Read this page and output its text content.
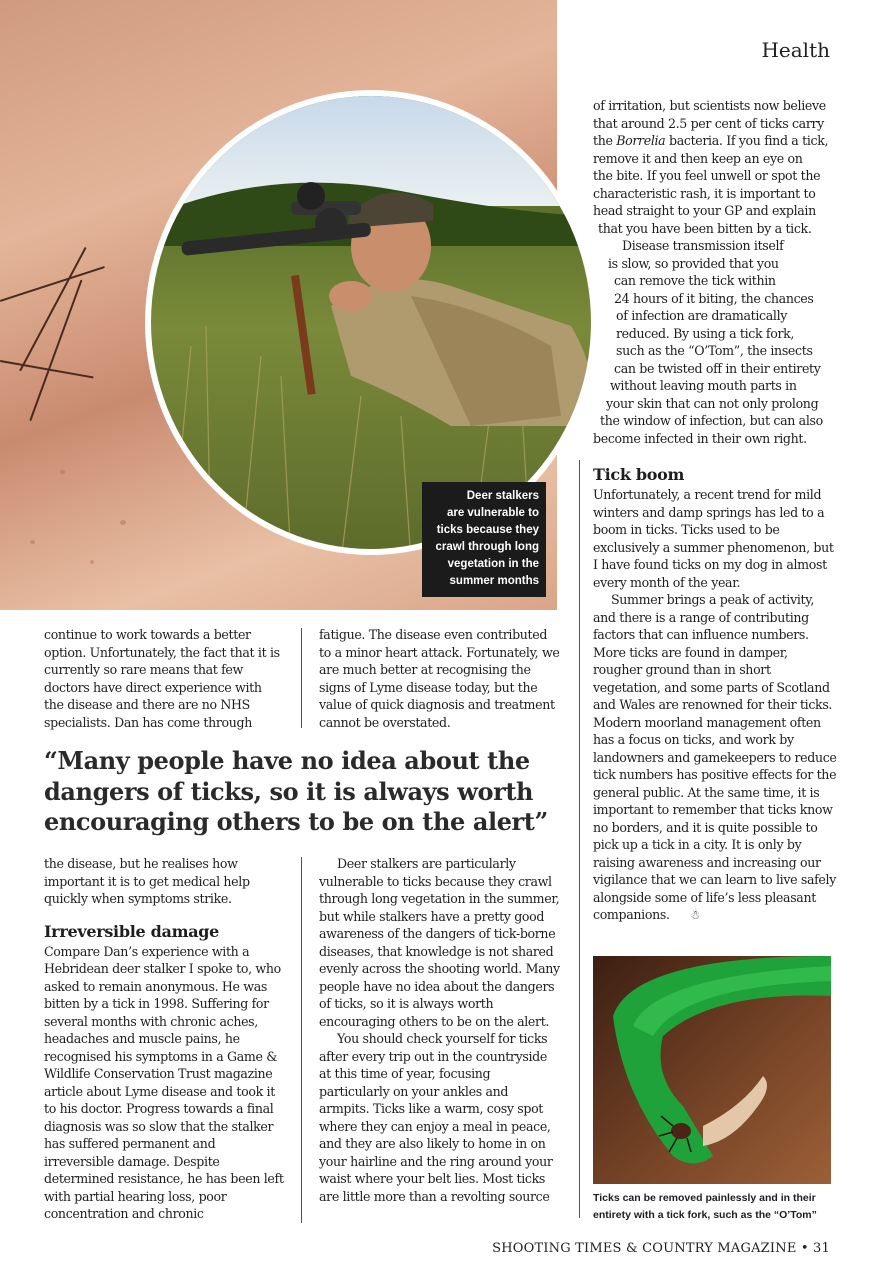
Deer stalkers
are vulnerable to
ticks because they
crawl through long
vegetation in the
summer months
Health
of irritation, but scientists now believe
that around 2.5 per cent of ticks carry
the Borrelia bacteria. If you find a tick,
remove it and then keep an eye on
the bite. If you feel unwell or spot the
characteristic rash, it is important to
head straight to your GP and explain
that you have been bitten by a tick.
Disease transmission itself
is slow, so provided that you
can remove the tick within
24 hours of it biting, the chances
of infection are dramatically
reduced. By using a tick fork,
such as the “O’Tom”, the insects
can be twisted off in their entirety
without leaving mouth parts in
your skin that can not only prolong
the window of infection, but can also
become infected in their own right.
Tick boom

Unfortunately, a recent trend for mild winters and damp springs has led to a boom in ticks. Ticks used to be exclusively a summer phenomenon, but I have found ticks on my dog in almost every month of the year.

Summer brings a peak of activity, and there is a range of contributing factors that can influence numbers. More ticks are found in damper, rougher ground than in short vegetation, and some parts of Scotland and Wales are renowned for their ticks. Modern moorland management often has a focus on ticks, and work by landowners and gamekeepers to reduce tick numbers has positive effects for the general public. At the same time, it is important to remember that ticks know no borders, and it is quite possible to pick up a tick in a city. It is only by raising awareness and increasing our vigilance that we can learn to live safely alongside some of life’s less pleasant companions. ☃

continue to work towards a better option. Unfortunately, the fact that it is currently so rare means that few doctors have direct experience with the disease and there are no NHS specialists. Dan has come through

fatigue. The disease even contributed to a minor heart attack. Fortunately, we are much better at recognising the signs of Lyme disease today, but the value of quick diagnosis and treatment cannot be overstated.

“Many people have no idea about the dangers of ticks, so it is always worth encouraging others to be on the alert”

the disease, but he realises how important it is to get medical help quickly when symptoms strike.

Irreversible damage

Compare Dan’s experience with a Hebridean deer stalker I spoke to, who asked to remain anonymous. He was bitten by a tick in 1998. Suffering for several months with chronic aches, headaches and muscle pains, he recognised his symptoms in a Game & Wildlife Conservation Trust magazine article about Lyme disease and took it to his doctor. Progress towards a final diagnosis was so slow that the stalker has suffered permanent and irreversible damage. Despite determined resistance, he has been left with partial hearing loss, poor concentration and chronic

Deer stalkers are particularly vulnerable to ticks because they crawl through long vegetation in the summer, but while stalkers have a pretty good awareness of the dangers of tick-borne diseases, that knowledge is not shared evenly across the shooting world. Many people have no idea about the dangers of ticks, so it is always worth encouraging others to be on the alert.

You should check yourself for ticks after every trip out in the countryside at this time of year, focusing particularly on your ankles and armpits. Ticks like a warm, cosy spot where they can enjoy a meal in peace, and they are also likely to home in on your hairline and the ring around your waist where your belt lies. Most ticks are little more than a revolting source	Ticks can be removed painlessly and in their entirety with a tick fork, such as the “O’Tom”
SHOOTING TIMES & COUNTRY MAGAZINE • 31
